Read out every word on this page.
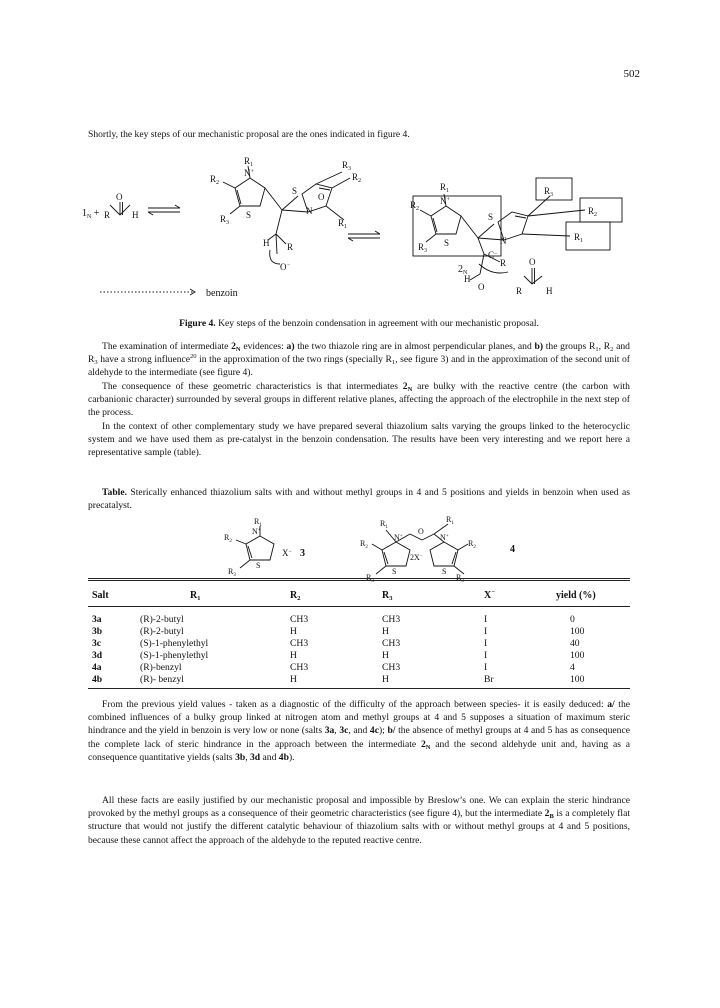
502
Shortly, the key steps of our mechanistic proposal are the ones indicated in figure 4.
$1_N$ +
O
R H
$R_1$
$R_2$
N+
$R_3$
S
H R
O −
S
N
$R_3$
$R_2$
$R_1$
O
$R_1$
$R_2$
N+
$R_3$
S
S
N
$R_3$
$R_2$
$R_1$
C−
R
$2_N$
H
O
O
R	H
benzoin
Figure 4. Key steps of the benzoin condensation in agreement with our mechanistic proposal.
The examination of intermediate $2_N$ evidences: a) the two thiazole ring are in almost perpendicular planes, and b) the groups $R_1$, $R_2$ and $R_3$ have a strong influence$^{20}$ in the approximation of the two rings (specially $R_1$, see figure 3) and in the approximation of the second unit of aldehyde to the intermediate (see figure 4).
The consequence of these geometric characteristics is that intermediates $2_N$ are bulky with the reactive centre (the carbon with carbanionic character) surrounded by several groups in different relative planes, affecting the approach of the electrophile in the next step of the process.
In the context of other complementary study we have prepared several thiazolium salts varying the groups linked to the heterocyclic system and we have used them as pre-catalyst in the benzoin condensation. The results have been very interesting and we report here a representative sample (table).
Table. Sterically enhanced thiazolium salts with and without methyl groups in 4 and 5 positions and yields in benzoin when used as precatalyst.
$R_1$
$R_2$
N+
$R_3$
S
X− 3
$R_1$
$R_2$
N+
$R_3$
S
O
2X−
$R_1$
N+
$R_2$
$R_3$
S
4
Salt	$R_1$	$R_2$	$R_3$	X−	yield (%)
3a	(R)-2-butyl	CH3	CH3	I	0
3b	(R)-2-butyl	H	H	I	100
3c	(S)-1-phenylethyl	CH3	CH3	I	40
3d	(S)-1-phenylethyl	H	H	I	100
4a	(R)-benzyl	CH3	CH3	I	4
4b	(R)- benzyl	H	H	Br	100
From the previous yield values - taken as a diagnostic of the difficulty of the approach between species- it is easily deduced: a/ the combined influences of a bulky group linked at nitrogen atom and methyl groups at 4 and 5 supposes a situation of maximum steric hindrance and the yield in benzoin is very low or none (salts 3a, 3c, and 4c); b/ the absence of methyl groups at 4 and 5 has as consequence the complete lack of steric hindrance in the approach between the intermediate $2_N$ and the second aldehyde unit and, having as a consequence quantitative yields (salts 3b, 3d and 4b).
All these facts are easily justified by our mechanistic proposal and impossible by Breslow’s one. We can explain the steric hindrance provoked by the methyl groups as a consequence of their geometric characteristics (see figure 4), but the intermediate $2_B$ is a completely flat structure that would not justify the different catalytic behaviour of thiazolium salts with or without methyl groups at 4 and 5 positions, because these cannot affect the approach of the aldehyde to the reputed reactive centre.
